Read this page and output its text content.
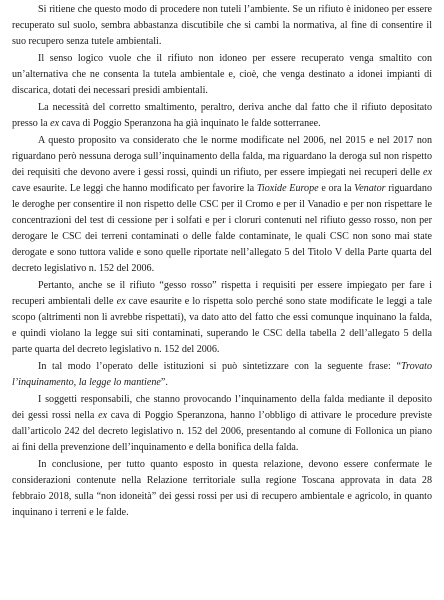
Si ritiene che questo modo di procedere non tuteli l’ambiente. Se un rifiuto è inidoneo per essere recuperato sul suolo, sembra abbastanza discutibile che si cambi la normativa, al fine di consentire il suo recupero senza tutele ambientali.

Il senso logico vuole che il rifiuto non idoneo per essere recuperato venga smaltito con un’alternativa che ne consenta la tutela ambientale e, cioè, che venga destinato a idonei impianti di discarica, dotati dei necessari presidi ambientali.

La necessità del corretto smaltimento, peraltro, deriva anche dal fatto che il rifiuto depositato presso la ex cava di Poggio Speranzona ha già inquinato le falde sotterranee.

A questo proposito va considerato che le norme modificate nel 2006, nel 2015 e nel 2017 non riguardano però nessuna deroga sull’inquinamento della falda, ma riguardano la deroga sul non rispetto dei requisiti che devono avere i gessi rossi, quindi un rifiuto, per essere impiegati nei recuperi delle ex cave esaurite. Le leggi che hanno modificato per favorire la Tioxide Europe e ora la Venator riguardano le deroghe per consentire il non rispetto delle CSC per il Cromo e per il Vanadio e per non rispettare le concentrazioni del test di cessione per i solfati e per i cloruri contenuti nel rifiuto gesso rosso, non per derogare le CSC dei terreni contaminati o delle falde contaminate, le quali CSC non sono mai state derogate e sono tuttora valide e sono quelle riportate nell’allegato 5 del Titolo V della Parte quarta del decreto legislativo n. 152 del 2006.

Pertanto, anche se il rifiuto “gesso rosso” rispetta i requisiti per essere impiegato per fare i recuperi ambientali delle ex cave esaurite e lo rispetta solo perché sono state modificate le leggi a tale scopo (altrimenti non li avrebbe rispettati), va dato atto del fatto che essi comunque inquinano la falda, e quindi violano la legge sui siti contaminati, superando le CSC della tabella 2 dell’allegato 5 della parte quarta del decreto legislativo n. 152 del 2006.

In tal modo l’operato delle istituzioni si può sintetizzare con la seguente frase: “Trovato l’inquinamento, la legge lo mantiene”.

I soggetti responsabili, che stanno provocando l’inquinamento della falda mediante il deposito dei gessi rossi nella ex cava di Poggio Speranzona, hanno l’obbligo di attivare le procedure previste dall’articolo 242 del decreto legislativo n. 152 del 2006, presentando al comune di Follonica un piano ai fini della prevenzione dell’inquinamento e della bonifica della falda.

In conclusione, per tutto quanto esposto in questa relazione, devono essere confermate le considerazioni contenute nella Relazione territoriale sulla regione Toscana approvata in data 28 febbraio 2018, sulla “non idoneità” dei gessi rossi per usi di recupero ambientale e agricolo, in quanto inquinano i terreni e le falde.
